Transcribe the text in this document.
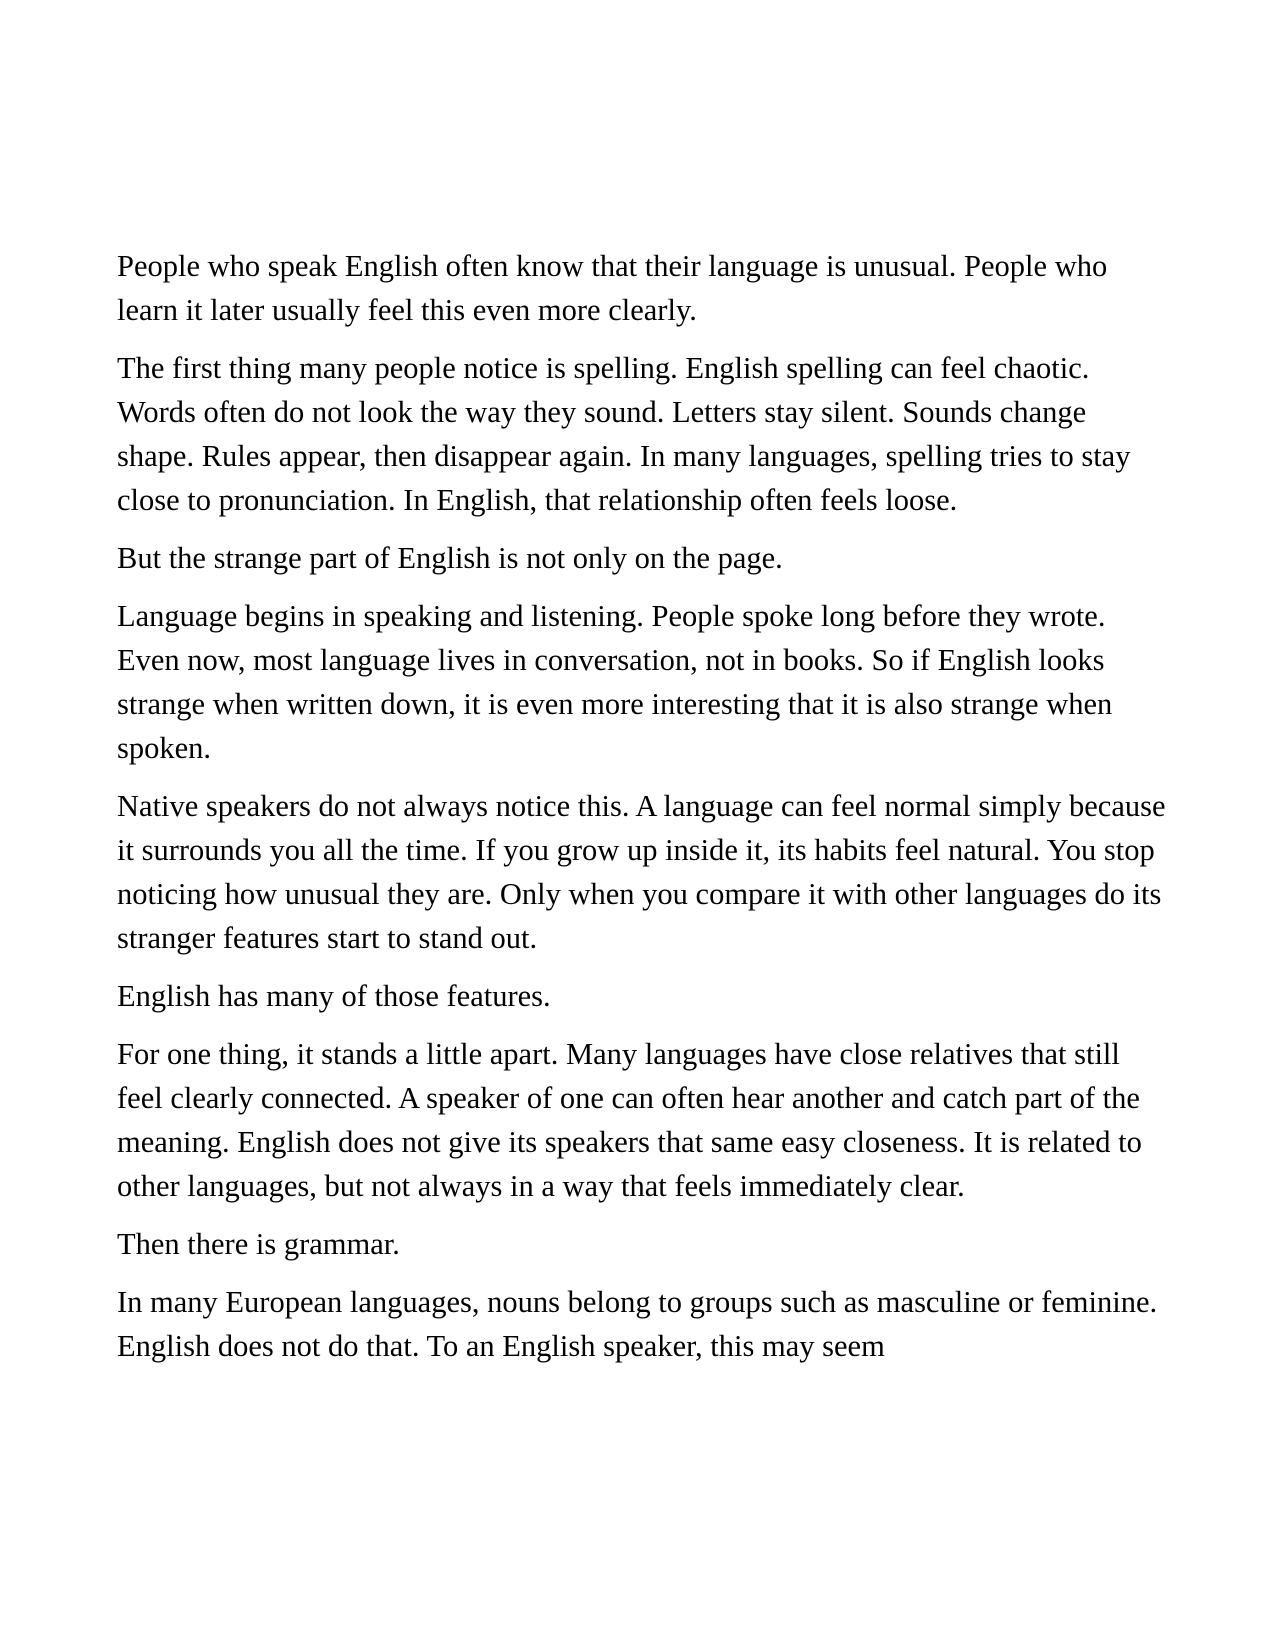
People who speak English often know that their language is unusual. People who learn it later usually feel this even more clearly.

The first thing many people notice is spelling. English spelling can feel chaotic. Words often do not look the way they sound. Letters stay silent. Sounds change shape. Rules appear, then disappear again. In many languages, spelling tries to stay close to pronunciation. In English, that relationship often feels loose.

But the strange part of English is not only on the page.

Language begins in speaking and listening. People spoke long before they wrote. Even now, most language lives in conversation, not in books. So if English looks strange when written down, it is even more interesting that it is also strange when spoken.

Native speakers do not always notice this. A language can feel normal simply because it surrounds you all the time. If you grow up inside it, its habits feel natural. You stop noticing how unusual they are. Only when you compare it with other languages do its stranger features start to stand out.

English has many of those features.

For one thing, it stands a little apart. Many languages have close relatives that still feel clearly connected. A speaker of one can often hear another and catch part of the meaning. English does not give its speakers that same easy closeness. It is related to other languages, but not always in a way that feels immediately clear.

Then there is grammar.

In many European languages, nouns belong to groups such as masculine or feminine. English does not do that. To an English speaker, this may seem
